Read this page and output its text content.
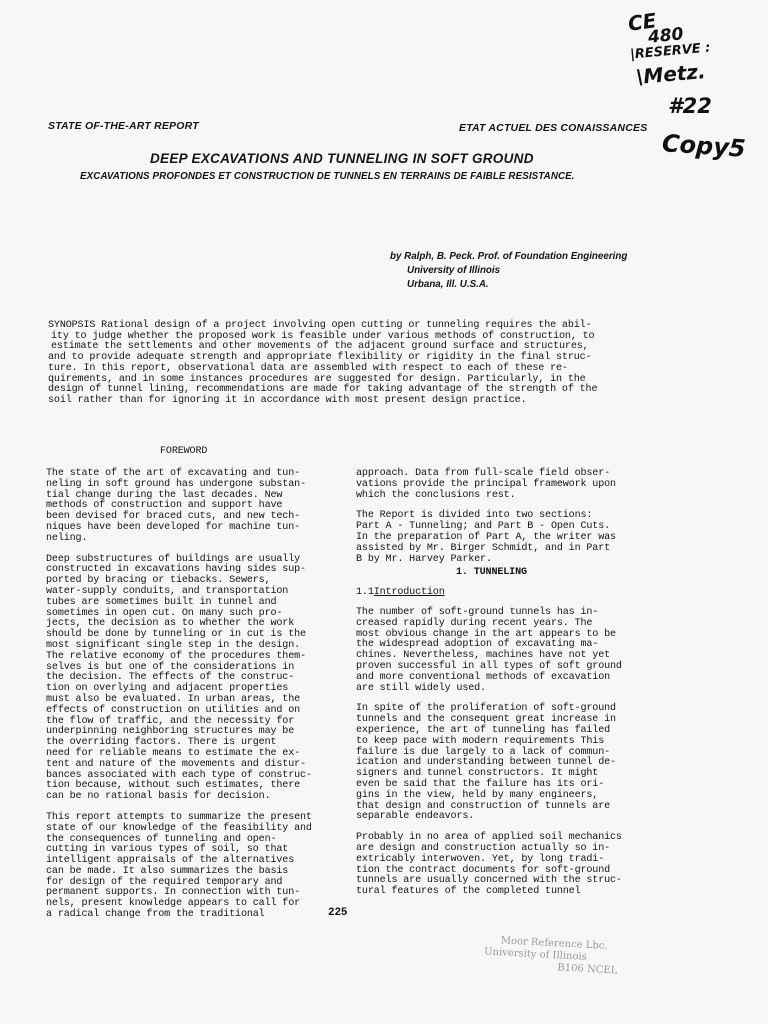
CE
480
|RESERVE :
\Metz.
#22
Copy5
STATE OF-THE-ART REPORT	ETAT ACTUEL DES CONAISSANCES
DEEP EXCAVATIONS AND TUNNELING IN SOFT GROUND
EXCAVATIONS PROFONDES ET CONSTRUCTION DE TUNNELS EN TERRAINS DE FAIBLE RESISTANCE.
by Ralph, B. Peck. Prof. of Foundation Engineering
University of Illinois
Urbana, Ill. U.S.A.
SYNOPSIS Rational design of a project involving open cutting or tunneling requires the abil-
ity to judge whether the proposed work is feasible under various methods of construction, to
estimate the settlements and other movements of the adjacent ground surface and structures,
and to provide adequate strength and appropriate flexibility or rigidity in the final struc-
ture. In this report, observational data are assembled with respect to each of these re-
quirements, and in some instances procedures are suggested for design. Particularly, in the
design of tunnel lining, recommendations are made for taking advantage of the strength of the
soil rather than for ignoring it in accordance with most present design practice.
FOREWORD
The state of the art of excavating and tun-
neling in soft ground has undergone substan-
tial change during the last decades. New
methods of construction and support have
been devised for braced cuts, and new tech-
niques have been developed for machine tun-
neling.
Deep substructures of buildings are usually
constructed in excavations having sides sup-
ported by bracing or tiebacks. Sewers,
water-supply conduits, and transportation
tubes are sometimes built in tunnel and
sometimes in open cut. On many such pro-
jects, the decision as to whether the work
should be done by tunneling or in cut is the
most significant single step in the design.
The relative economy of the procedures them-
selves is but one of the considerations in
the decision. The effects of the construc-
tion on overlying and adjacent properties
must also be evaluated. In urban areas, the
effects of construction on utilities and on
the flow of traffic, and the necessity for
underpinning neighboring structures may be
the overriding factors. There is urgent
need for reliable means to estimate the ex-
tent and nature of the movements and distur-
bances associated with each type of construc-
tion because, without such estimates, there
can be no rational basis for decision.
This report attempts to summarize the present
state of our knowledge of the feasibility and
the consequences of tunneling and open-
cutting in various types of soil, so that
intelligent appraisals of the alternatives
can be made. It also summarizes the basis
for design of the required temporary and
permanent supports. In connection with tun-
nels, present knowledge appears to call for
a radical change from the traditional
approach. Data from full-scale field obser-
vations provide the principal framework upon
which the conclusions rest.
The Report is divided into two sections:
Part A - Tunneling; and Part B - Open Cuts.
In the preparation of Part A, the writer was
assisted by Mr. Birger Schmidt, and in Part
B by Mr. Harvey Parker.
1. TUNNELING
1.1Introduction
The number of soft-ground tunnels has in-
creased rapidly during recent years. The
most obvious change in the art appears to be
the widespread adoption of excavating ma-
chines. Nevertheless, machines have not yet
proven successful in all types of soft ground
and more conventional methods of excavation
are still widely used.
In spite of the proliferation of soft-ground
tunnels and the consequent great increase in
experience, the art of tunneling has failed
to keep pace with modern requirements This
failure is due largely to a lack of commun-
ication and understanding between tunnel de-
signers and tunnel constructors. It might
even be said that the failure has its ori-
gins in the view, held by many engineers,
that design and construction of tunnels are
separable endeavors.
Probably in no area of applied soil mechanics
are design and construction actually so in-
extricably interwoven. Yet, by long tradi-
tion the contract documents for soft-ground
tunnels are usually concerned with the struc-
tural features of the completed tunnel
225
Moor Reference Lbc.
University of Illinois
B106 NCEL
